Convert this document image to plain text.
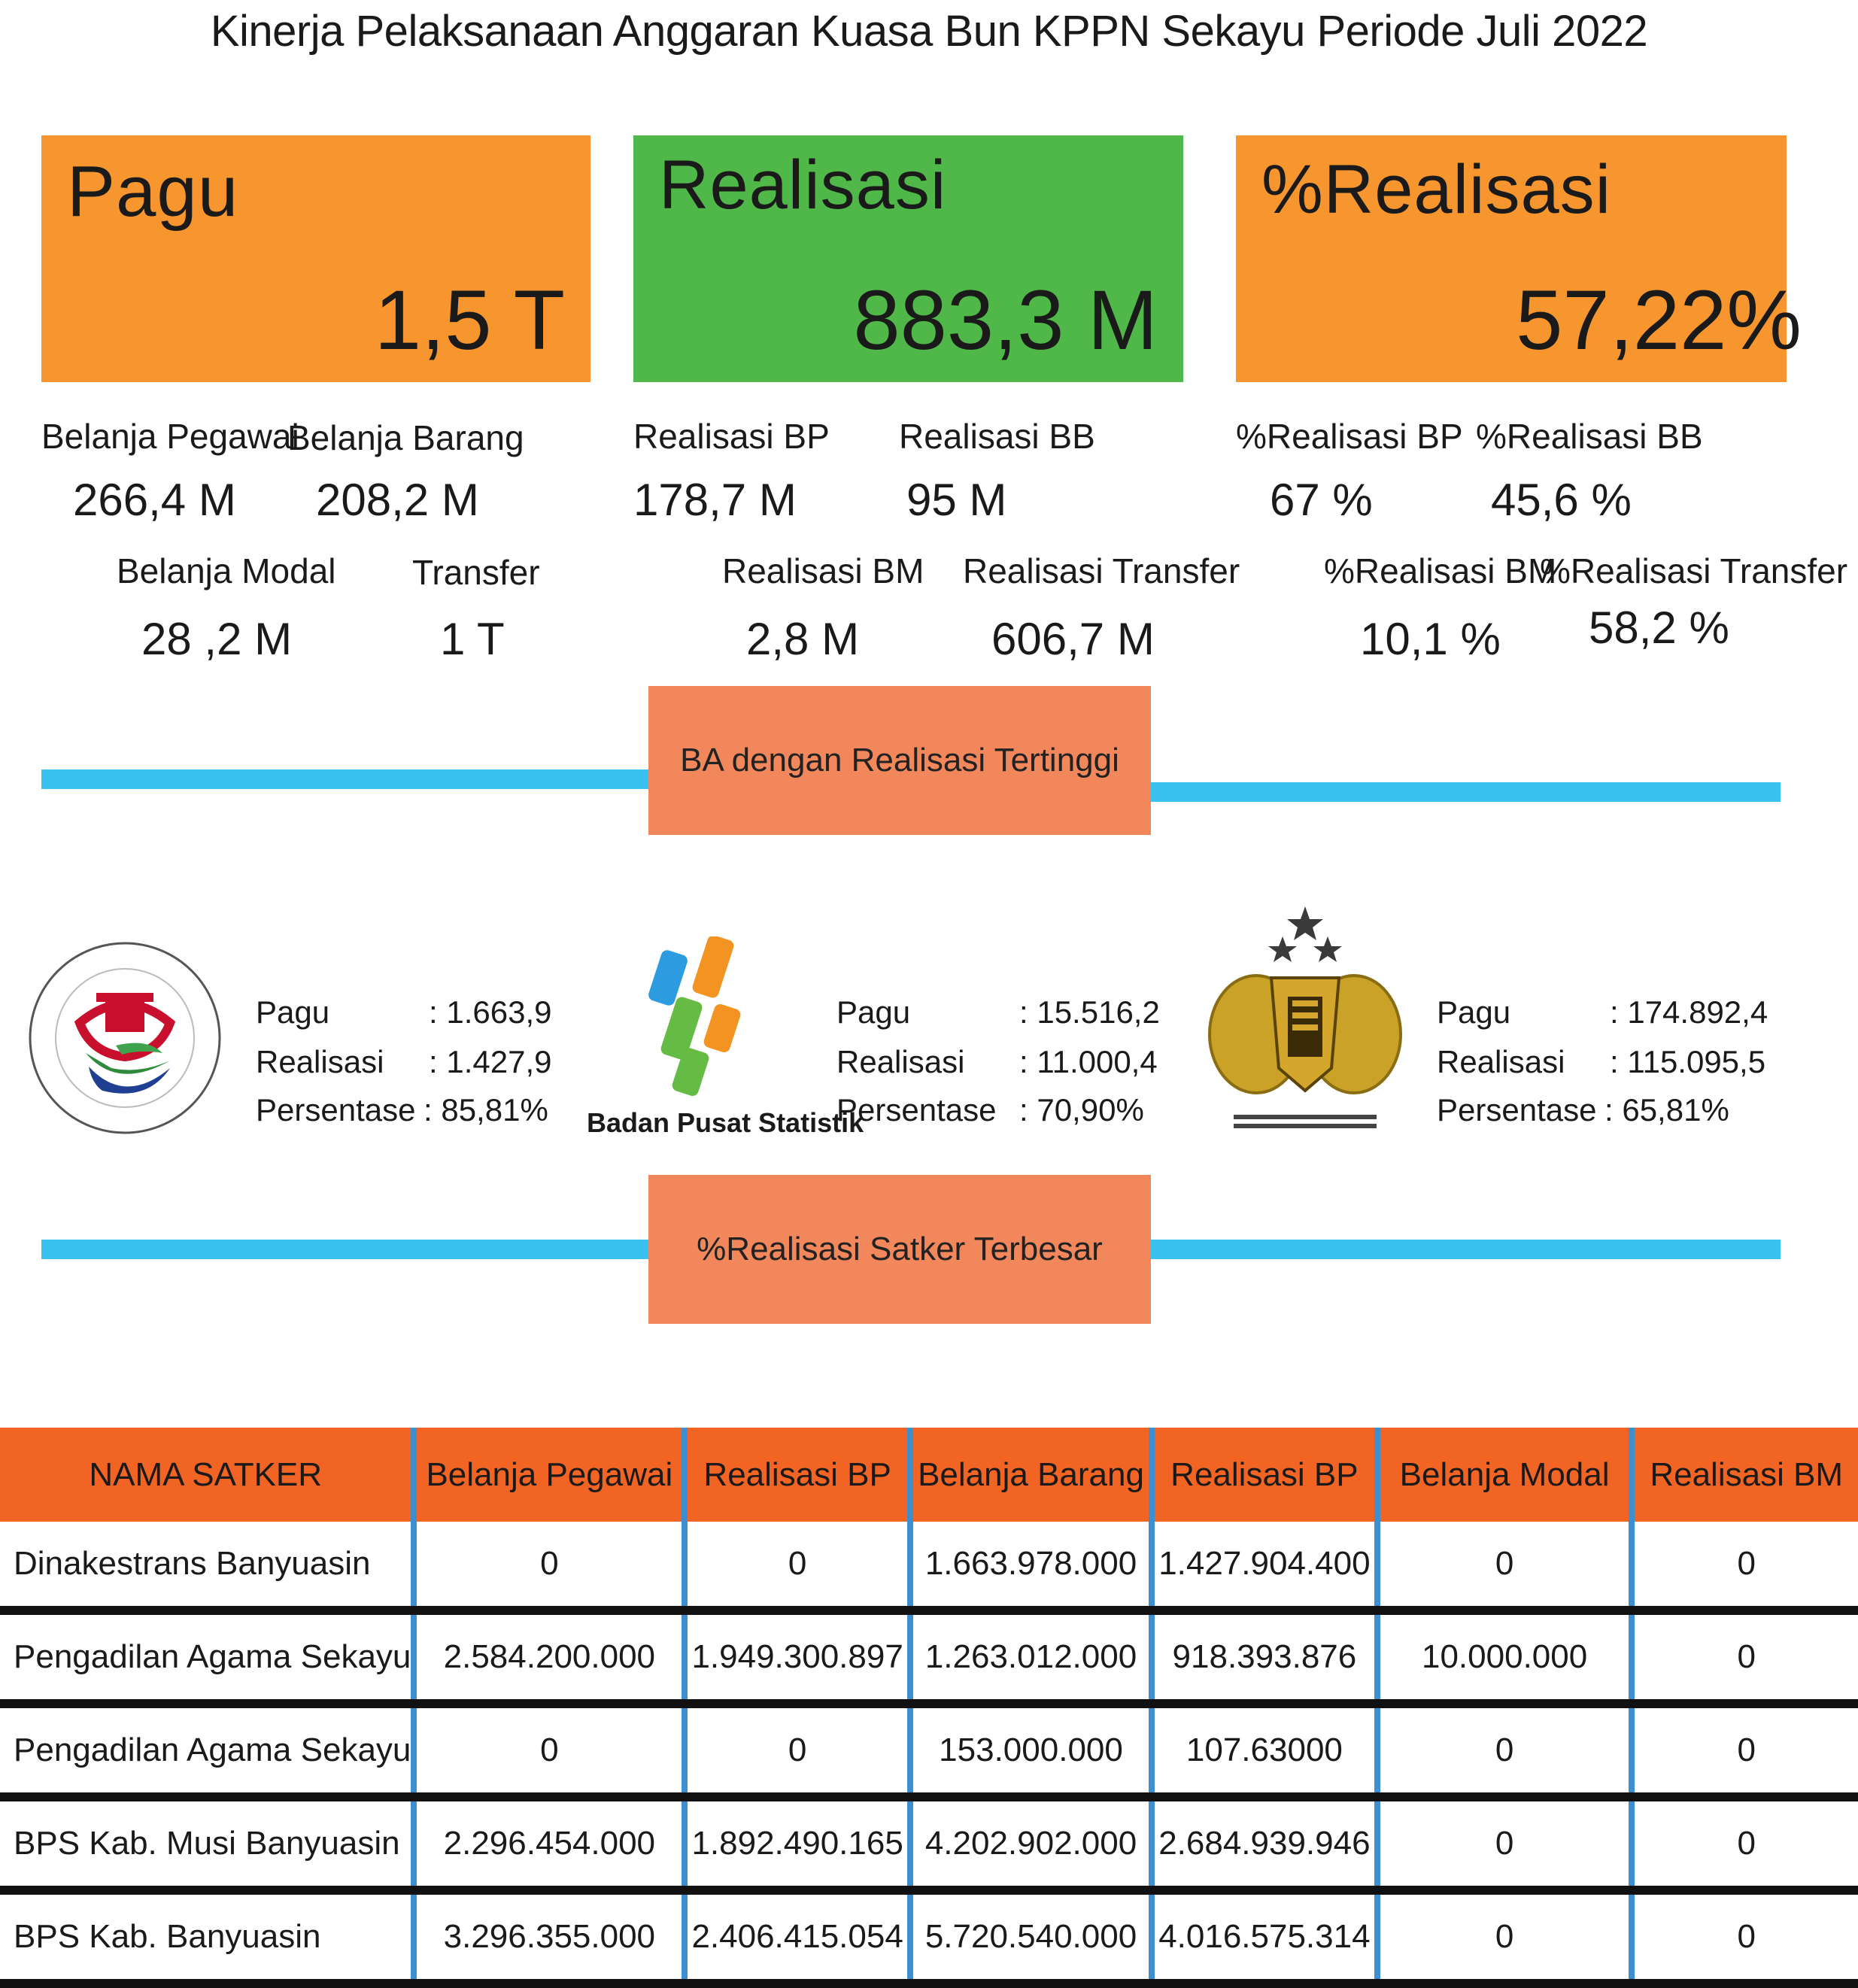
Kinerja Pelaksanaan Anggaran Kuasa Bun KPPN Sekayu Periode Juli 2022
Pagu
1,5 T
Realisasi
883,3 M
%Realisasi
57,22%
Belanja Pegawai
266,4 M
Belanja Barang
208,2 M
Belanja Modal
28 ,2 M
Transfer
1 T
Realisasi BP
178,7 M
Realisasi BB
95 M
Realisasi BM
2,8 M
Realisasi Transfer
606,7 M
%Realisasi BP
67 %
%Realisasi BB
45,6 %
%Realisasi BM
10,1 %
%Realisasi Transfer
58,2 %
BA dengan Realisasi Tertinggi
Pagu	: 1.663,9
Realisasi : 1.427,9
Persentase : 85,81% Badan Pusat Statistik
Pagu	: 15.516,2
Realisasi : 11.000,4
Persentase : 70,90%
Pagu	: 174.892,4
Realisasi : 115.095,5
Persentase : 65,81%
%Realisasi Satker Terbesar
NAMA SATKER	Belanja Pegawai	Realisasi BP	Belanja Barang	Realisasi BP	Belanja Modal	Realisasi BM
Dinakestrans Banyuasin	0	0	1.663.978.000	1.427.904.400	0	0
Pengadilan Agama Sekayu	2.584.200.000	1.949.300.897	1.263.012.000	918.393.876	10.000.000	0
Pengadilan Agama Sekayu	0	0	153.000.000	107.63000	0	0
BPS Kab. Musi Banyuasin	2.296.454.000	1.892.490.165	4.202.902.000	2.684.939.946	0	0
BPS Kab. Banyuasin	3.296.355.000	2.406.415.054	5.720.540.000	4.016.575.314	0	0
